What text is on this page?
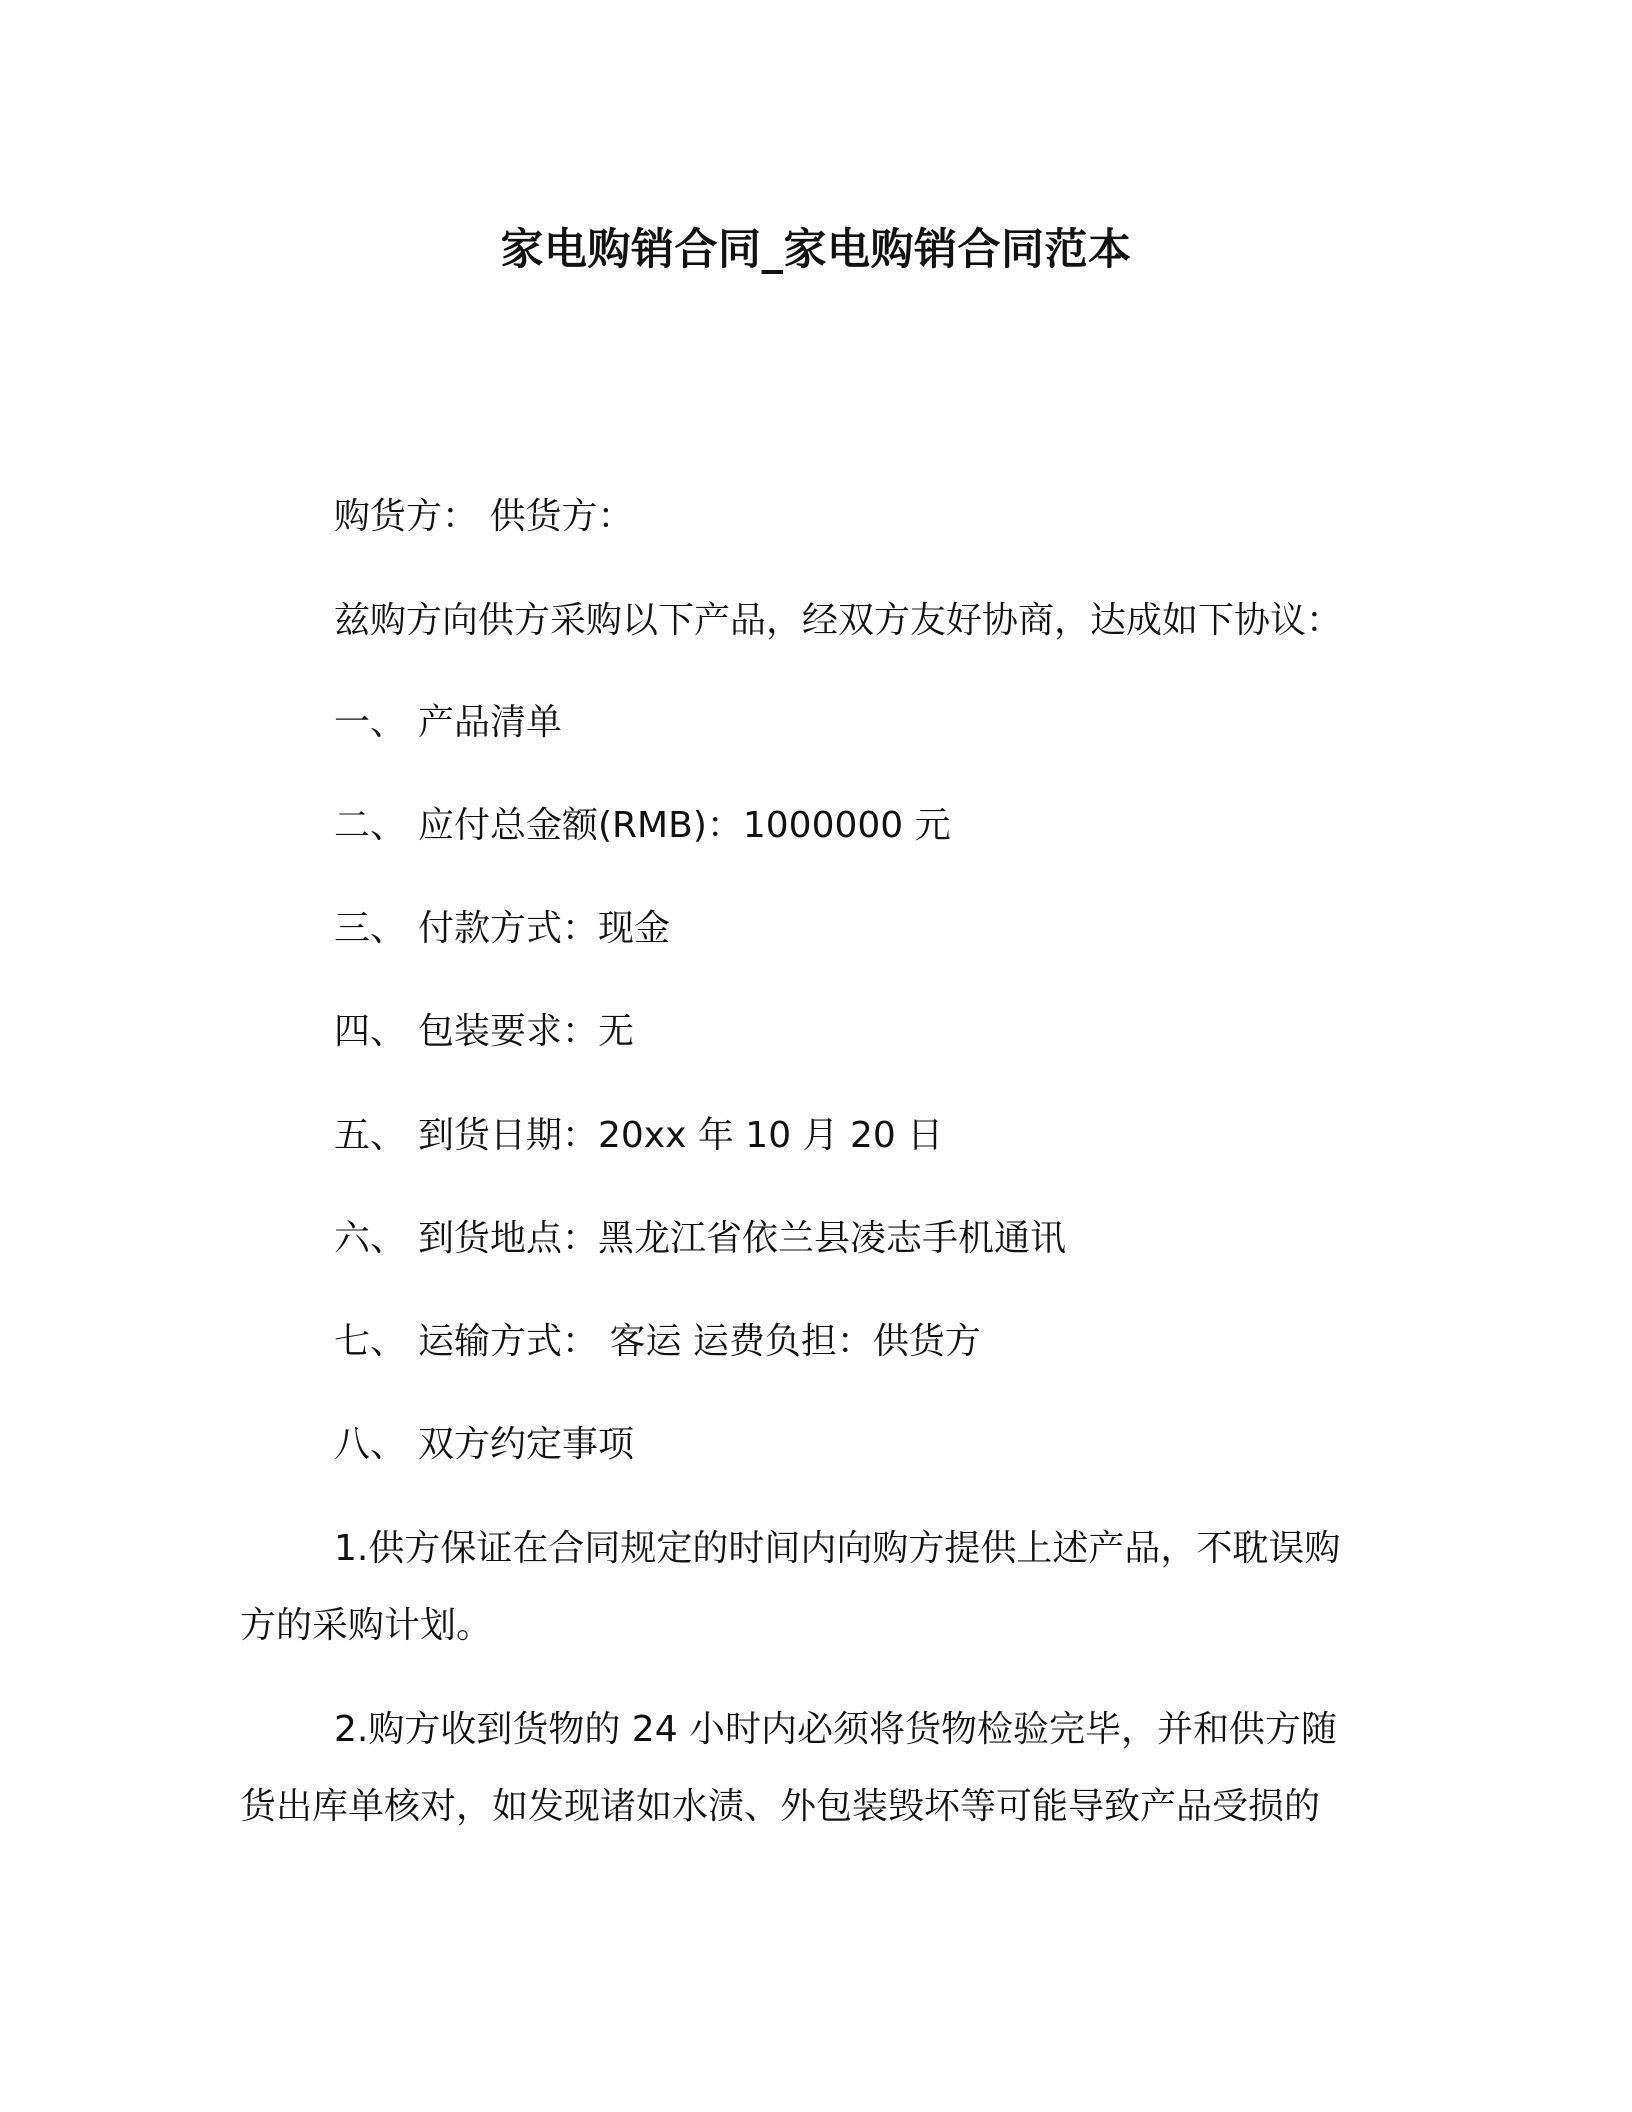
家电购销合同_家电购销合同范本
购货方： 供货方：
兹购方向供方采购以下产品，经双方友好协商，达成如下协议：
一、 产品清单
二、 应付总金额(RMB)：1000000 元
三、 付款方式：现金
四、 包装要求：无
五、 到货日期：20xx 年 10 月 20 日
六、 到货地点：黑龙江省依兰县凌志手机通讯
七、 运输方式： 客运 运费负担：供货方
八、 双方约定事项
1.供方保证在合同规定的时间内向购方提供上述产品，不耽误购
方的采购计划。
2.购方收到货物的 24 小时内必须将货物检验完毕，并和供方随
货出库单核对，如发现诸如水渍、外包装毁坏等可能导致产品受损的
